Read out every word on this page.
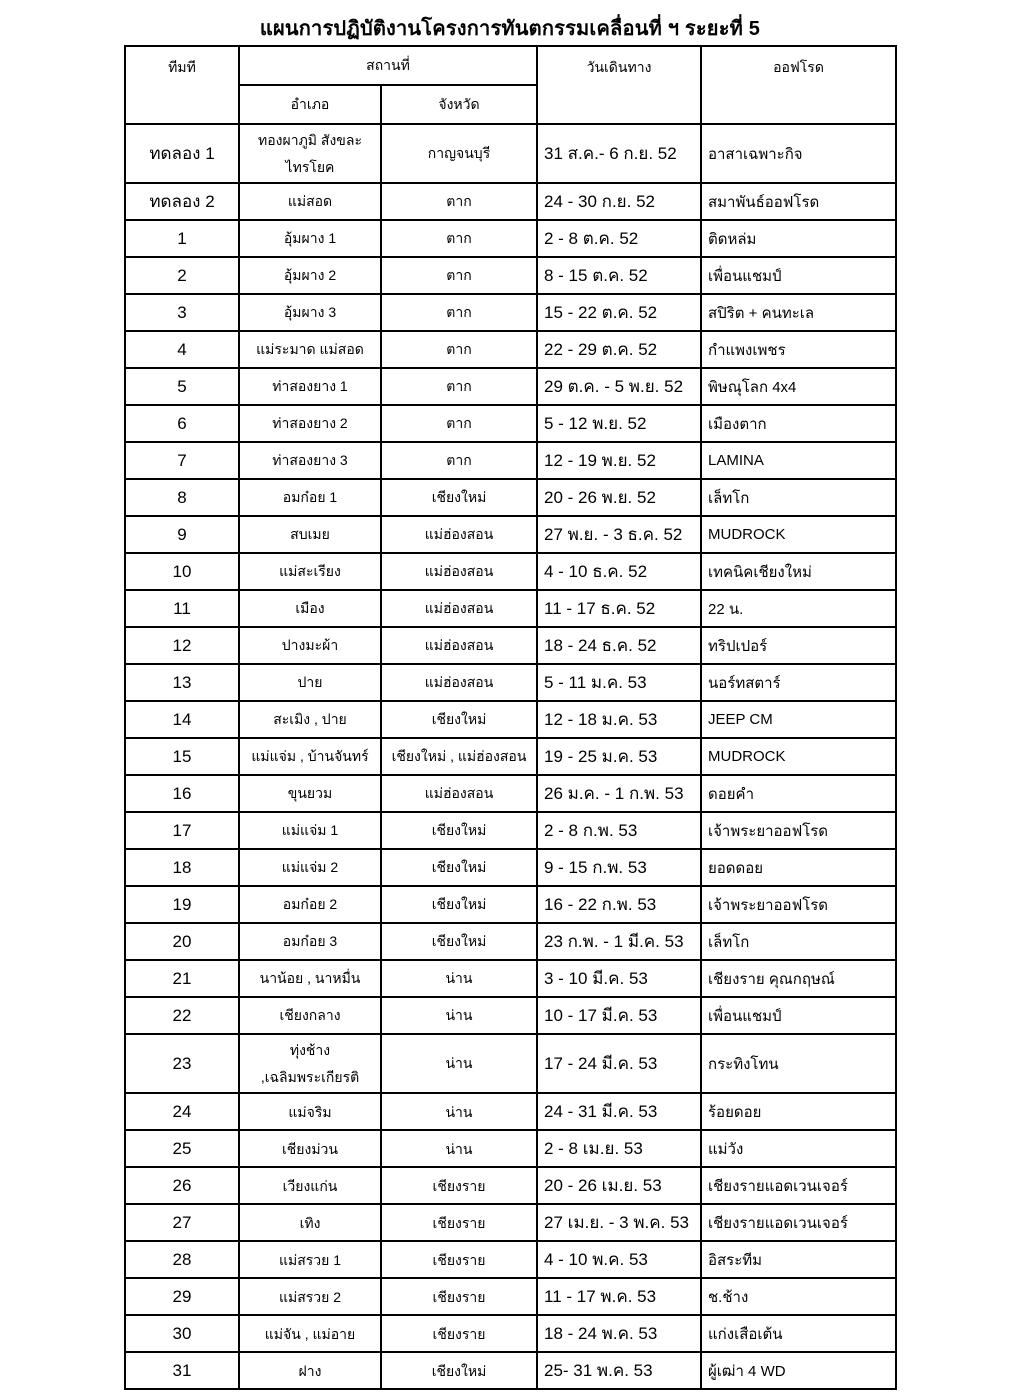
แผนการปฏิบัติงานโครงการทันตกรรมเคลื่อนที่ ฯ ระยะที่ 5
ทีมที	สถานที่		วันเดินทาง	ออฟโรด
	อำเภอ	จังหวัด		
ทดลอง 1	ทองผาภูมิ สังขละ ไทรโยค	กาญจนบุรี	31 ส.ค.- 6 ก.ย. 52	อาสาเฉพาะกิจ
ทดลอง 2	แม่สอด	ตาก	24 - 30 ก.ย. 52	สมาพันธ์ออฟโรด
1	อุ้มผาง 1	ตาก	2 - 8 ต.ค. 52	ติดหล่ม
2	อุ้มผาง 2	ตาก	8 - 15 ต.ค. 52	เพื่อนแชมป์
3	อุ้มผาง 3	ตาก	15 - 22 ต.ค. 52	สปิริต + คนทะเล
4	แม่ระมาด แม่สอด	ตาก	22 - 29 ต.ค. 52	กำแพงเพชร
5	ท่าสองยาง 1	ตาก	29 ต.ค. - 5 พ.ย. 52	พิษณุโลก 4x4
6	ท่าสองยาง 2	ตาก	5 - 12 พ.ย. 52	เมืองตาก
7	ท่าสองยาง 3	ตาก	12 - 19 พ.ย. 52	LAMINA
8	อมก๋อย 1	เชียงใหม่	20 - 26 พ.ย. 52	เล็ทโก
9	สบเมย	แม่ฮ่องสอน	27 พ.ย. - 3 ธ.ค. 52	MUDROCK
10	แม่สะเรียง	แม่ฮ่องสอน	4 - 10 ธ.ค. 52	เทคนิคเชียงใหม่
11	เมือง	แม่ฮ่องสอน	11 - 17 ธ.ค. 52	22 น.
12	ปางมะผ้า	แม่ฮ่องสอน	18 - 24 ธ.ค. 52	ทริปเปอร์
13	ปาย	แม่ฮ่องสอน	5 - 11 ม.ค. 53	นอร์ทสตาร์
14	สะเมิง , ปาย	เชียงใหม่	12 - 18 ม.ค. 53	JEEP CM
15	แม่แจ่ม , บ้านจันทร์	เชียงใหม่ , แม่ฮ่องสอน	19 - 25 ม.ค. 53	MUDROCK
16	ขุนยวม	แม่ฮ่องสอน	26 ม.ค. - 1 ก.พ. 53	ดอยคำ
17	แม่แจ่ม 1	เชียงใหม่	2 - 8 ก.พ. 53	เจ้าพระยาออฟโรด
18	แม่แจ่ม 2	เชียงใหม่	9 - 15 ก.พ. 53	ยอดดอย
19	อมก๋อย 2	เชียงใหม่	16 - 22 ก.พ. 53	เจ้าพระยาออฟโรด
20	อมก๋อย 3	เชียงใหม่	23 ก.พ. - 1 มี.ค. 53	เล็ทโก
21	นาน้อย , นาหมื่น	น่าน	3 - 10 มี.ค. 53	เชียงราย คุณกฤษณ์
22	เชียงกลาง	น่าน	10 - 17 มี.ค. 53	เพื่อนแชมป์
23	ทุ่งช้าง ,เฉลิมพระเกียรติ	น่าน	17 - 24 มี.ค. 53	กระทิงโทน
24	แม่จริม	น่าน	24 - 31 มี.ค. 53	ร้อยดอย
25	เชียงม่วน	น่าน	2 - 8 เม.ย. 53	แม่วัง
26	เวียงแก่น	เชียงราย	20 - 26 เม.ย. 53	เชียงรายแอดเวนเจอร์
27	เทิง	เชียงราย	27 เม.ย. - 3 พ.ค. 53	เชียงรายแอดเวนเจอร์
28	แม่สรวย 1	เชียงราย	4 - 10 พ.ค. 53	อิสระทีม
29	แม่สรวย 2	เชียงราย	11 - 17 พ.ค. 53	ช.ช้าง
30	แม่จัน , แม่อาย	เชียงราย	18 - 24 พ.ค. 53	แก่งเสือเต้น
31	ฝาง	เชียงใหม่	25- 31 พ.ค. 53	ผู้เฒ่า 4 WD
